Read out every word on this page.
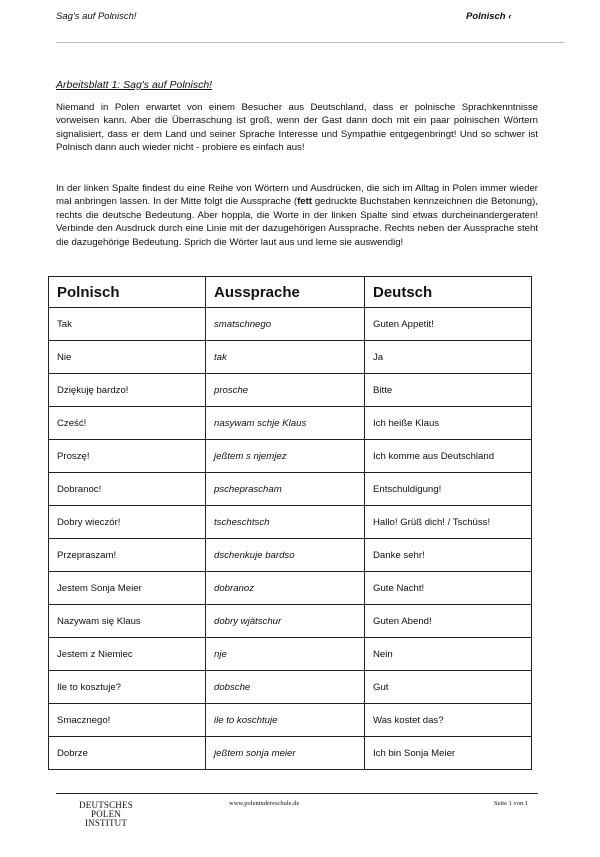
Sag's auf Polnisch!	Polnisch ‹
Arbeitsblatt 1: Sag's auf Polnisch!

Niemand in Polen erwartet von einem Besucher aus Deutschland, dass er polnische Sprachkenntnisse vorweisen kann. Aber die Überraschung ist groß, wenn der Gast dann doch mit ein paar polnischen Wörtern signalisiert, dass er dem Land und seiner Sprache Interesse und Sympathie entgegenbringt! Und so schwer ist Polnisch dann auch wieder nicht - probiere es einfach aus!

In der linken Spalte findest du eine Reihe von Wörtern und Ausdrücken, die sich im Alltag in Polen immer wieder mal anbringen lassen. In der Mitte folgt die Aussprache (fett gedruckte Buchstaben kennzeichnen die Betonung), rechts die deutsche Bedeutung. Aber hoppla, die Worte in der linken Spalte sind etwas durcheinandergeraten! Verbinde den Ausdruck durch eine Linie mit der dazugehörigen Aussprache. Rechts neben der Aussprache steht die dazugehörige Bedeutung. Sprich die Wörter laut aus und lerne sie auswendig!

Polnisch	Aussprache	Deutsch
Tak	smatschnego	Guten Appetit!
Nie	tak	Ja
Dziękuję bardzo!	prosche	Bitte
Cześć!	nasywam schje Klaus	Ich heiße Klaus
Proszę!	jeßtem s njemjez	Ich komme aus Deutschland
Dobranoc!	pscheprascham	Entschuldigung!
Dobry wieczór!	tscheschtsch	Hallo! Grüß dich! / Tschüss!
Przepraszam!	dschenkuje bardso	Danke sehr!
Jestem Sonja Meier	dobranoz	Gute Nacht!
Nazywam się Klaus	dobry wjätschur	Guten Abend!
Jestem z Niemiec	nje	Nein
Ile to kosztuje?	dobsche	Gut
Smacznego!	ile to koschtuje	Was kostet das?
Dobrze	jeßtem sonja meier	Ich bin Sonja Meier
DEUTSCHES
POLEN
INSTITUT
www.polenindereschule.de	Seite 1 von 1
